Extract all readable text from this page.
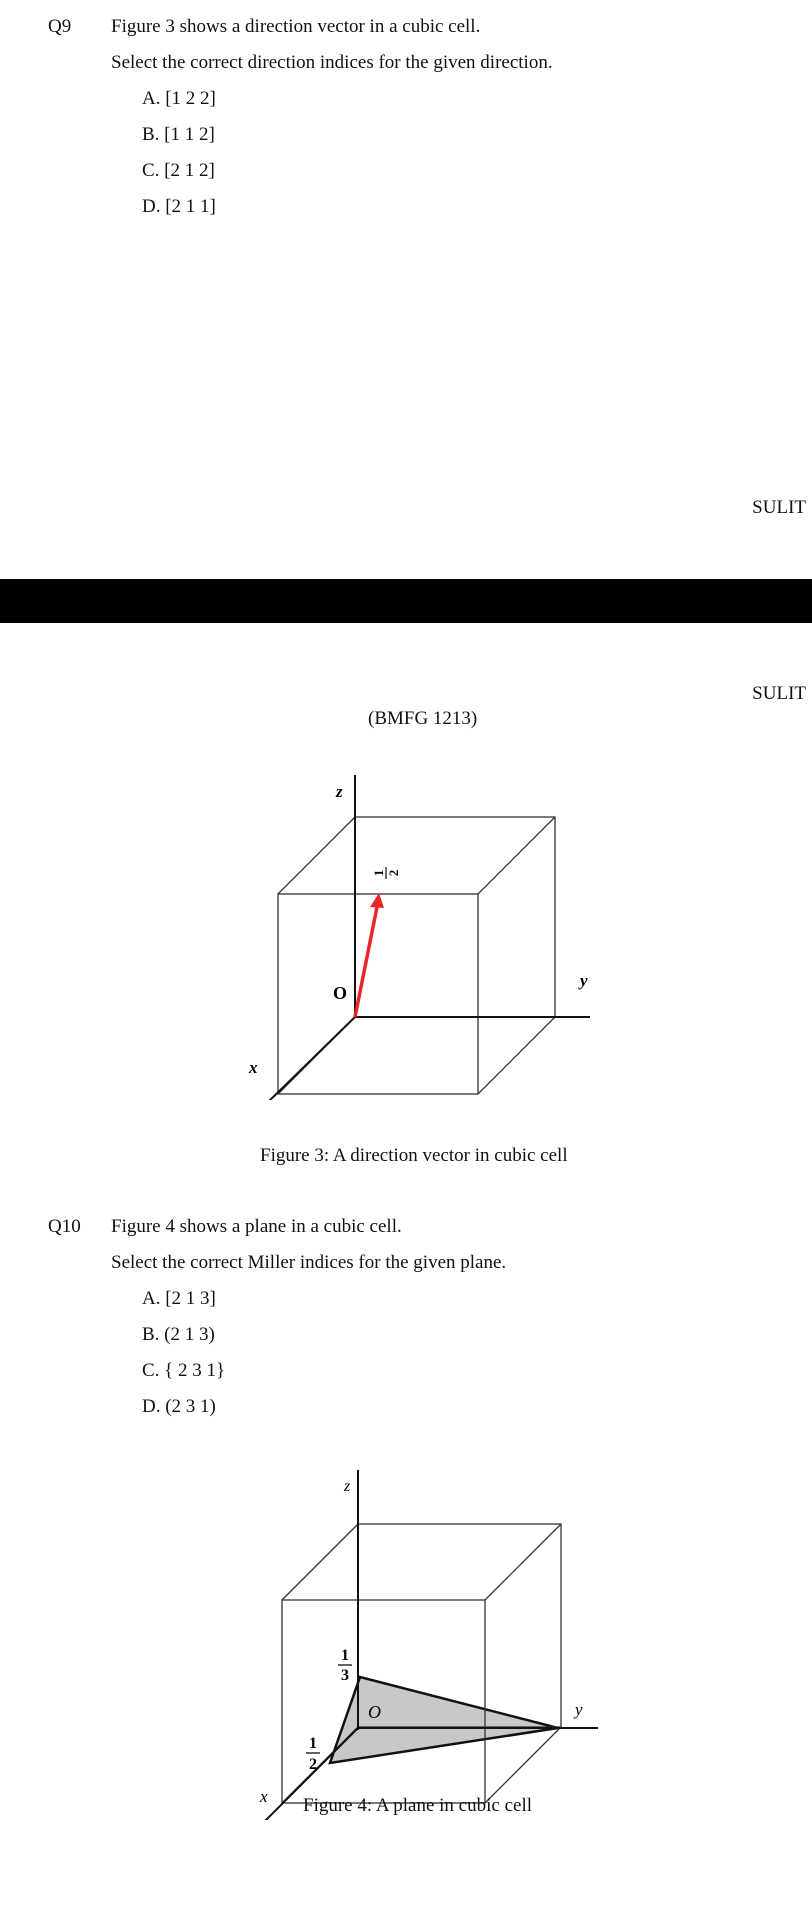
Q9 Figure 3 shows a direction vector in a cubic cell.
Select the correct direction indices for the given direction.
A. [1 2 2]
B. [1 1 2]
C. [2 1 2]
D. [2 1 1]
SULIT
SULIT
(BMFG 1213)
z
y
x
O
1 2
Figure 3: A direction vector in cubic cell
Q10 Figure 4 shows a plane in a cubic cell.
Select the correct Miller indices for the given plane.
A. [2 1 3]
B. (2 1 3)
C. { 2 3 1}
D. (2 3 1)
z
y
x
O
1
3
1
2
Figure 4: A plane in cubic cell
